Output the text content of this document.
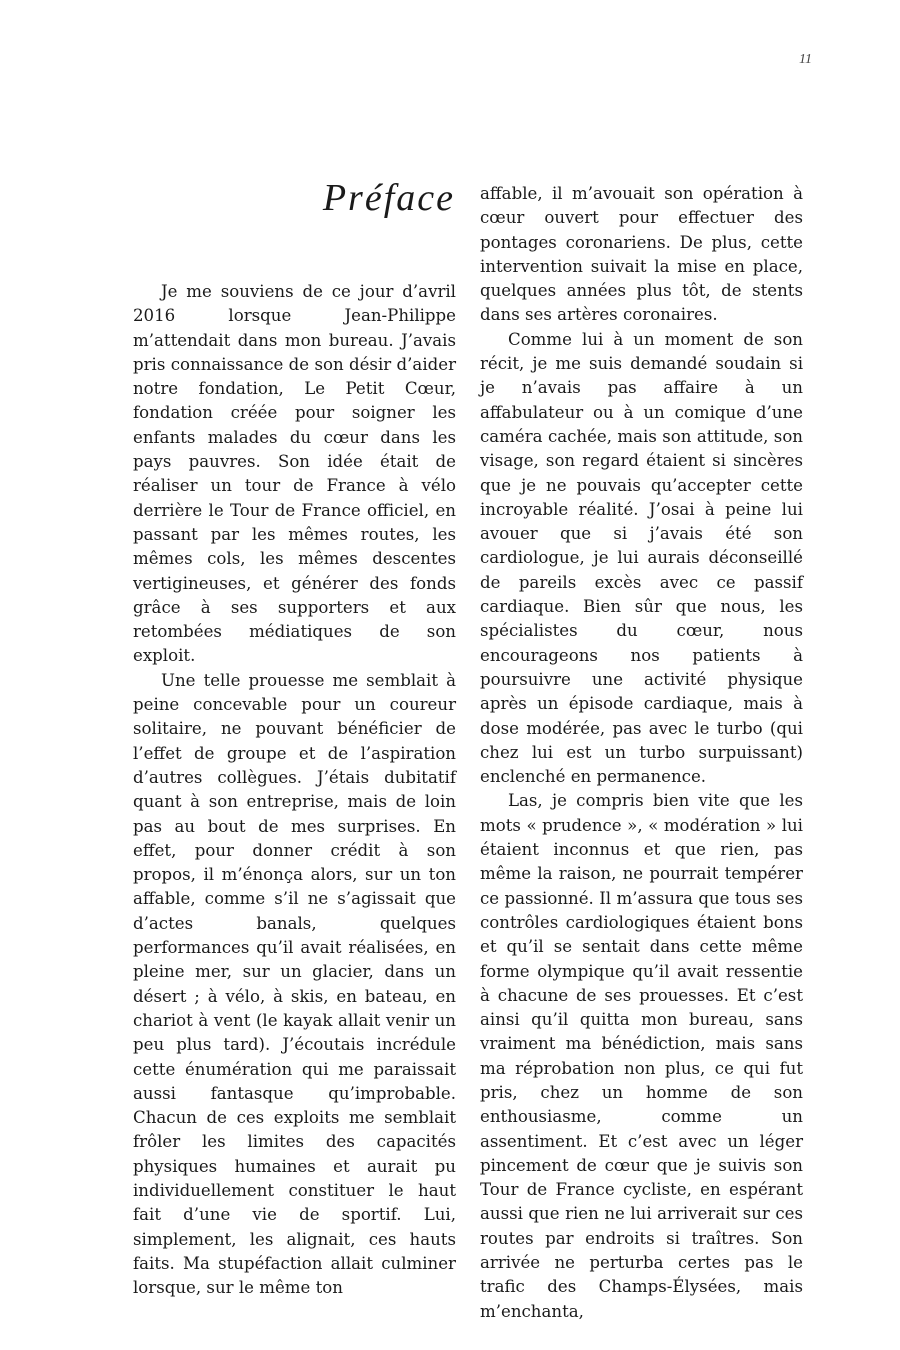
11
Préface

Je me souviens de ce jour d’avril 2016 lorsque Jean-Philippe m’attendait dans mon bureau. J’avais pris connaissance de son désir d’aider notre fondation, Le Petit Cœur, fondation créée pour soigner les enfants malades du cœur dans les pays pauvres. Son idée était de réaliser un tour de France à vélo derrière le Tour de France officiel, en passant par les mêmes routes, les mêmes cols, les mêmes descentes vertigineuses, et générer des fonds grâce à ses supporters et aux retombées médiatiques de son exploit.

Une telle prouesse me semblait à peine concevable pour un coureur solitaire, ne pouvant bénéficier de l’effet de groupe et de l’aspiration d’autres collègues. J’étais dubitatif quant à son entreprise, mais de loin pas au bout de mes surprises. En effet, pour donner crédit à son propos, il m’énonça alors, sur un ton affable, comme s’il ne s’agissait que d’actes banals, quelques performances qu’il avait réalisées, en pleine mer, sur un glacier, dans un désert ; à vélo, à skis, en bateau, en chariot à vent (le kayak allait venir un peu plus tard). J’écoutais incrédule cette énumération qui me paraissait aussi fantasque qu’improbable. Chacun de ces exploits me semblait frôler les limites des capacités physiques humaines et aurait pu individuellement constituer le haut fait d’une vie de sportif. Lui, simplement, les alignait, ces hauts faits. Ma stupéfaction allait culminer lorsque, sur le même ton

affable, il m’avouait son opération à cœur ouvert pour effectuer des pontages coronariens. De plus, cette intervention suivait la mise en place, quelques années plus tôt, de stents dans ses artères coronaires.

Comme lui à un moment de son récit, je me suis demandé soudain si je n’avais pas affaire à un affabulateur ou à un comique d’une caméra cachée, mais son attitude, son visage, son regard étaient si sincères que je ne pouvais qu’accepter cette incroyable réalité. J’osai à peine lui avouer que si j’avais été son cardiologue, je lui aurais déconseillé de pareils excès avec ce passif cardiaque. Bien sûr que nous, les spécialistes du cœur, nous encourageons nos patients à poursuivre une activité physique après un épisode cardiaque, mais à dose modérée, pas avec le turbo (qui chez lui est un turbo surpuissant) enclenché en permanence.

Las, je compris bien vite que les mots « prudence », « modération » lui étaient inconnus et que rien, pas même la raison, ne pourrait tempérer ce passionné. Il m’assura que tous ses contrôles cardiologiques étaient bons et qu’il se sentait dans cette même forme olympique qu’il avait ressentie à chacune de ses prouesses. Et c’est ainsi qu’il quitta mon bureau, sans vraiment ma bénédiction, mais sans ma réprobation non plus, ce qui fut pris, chez un homme de son enthousiasme, comme un assentiment. Et c’est avec un léger pincement de cœur que je suivis son Tour de France cycliste, en espérant aussi que rien ne lui arriverait sur ces routes par endroits si traîtres. Son arrivée ne perturba certes pas le trafic des Champs-Élysées, mais m’enchanta,
